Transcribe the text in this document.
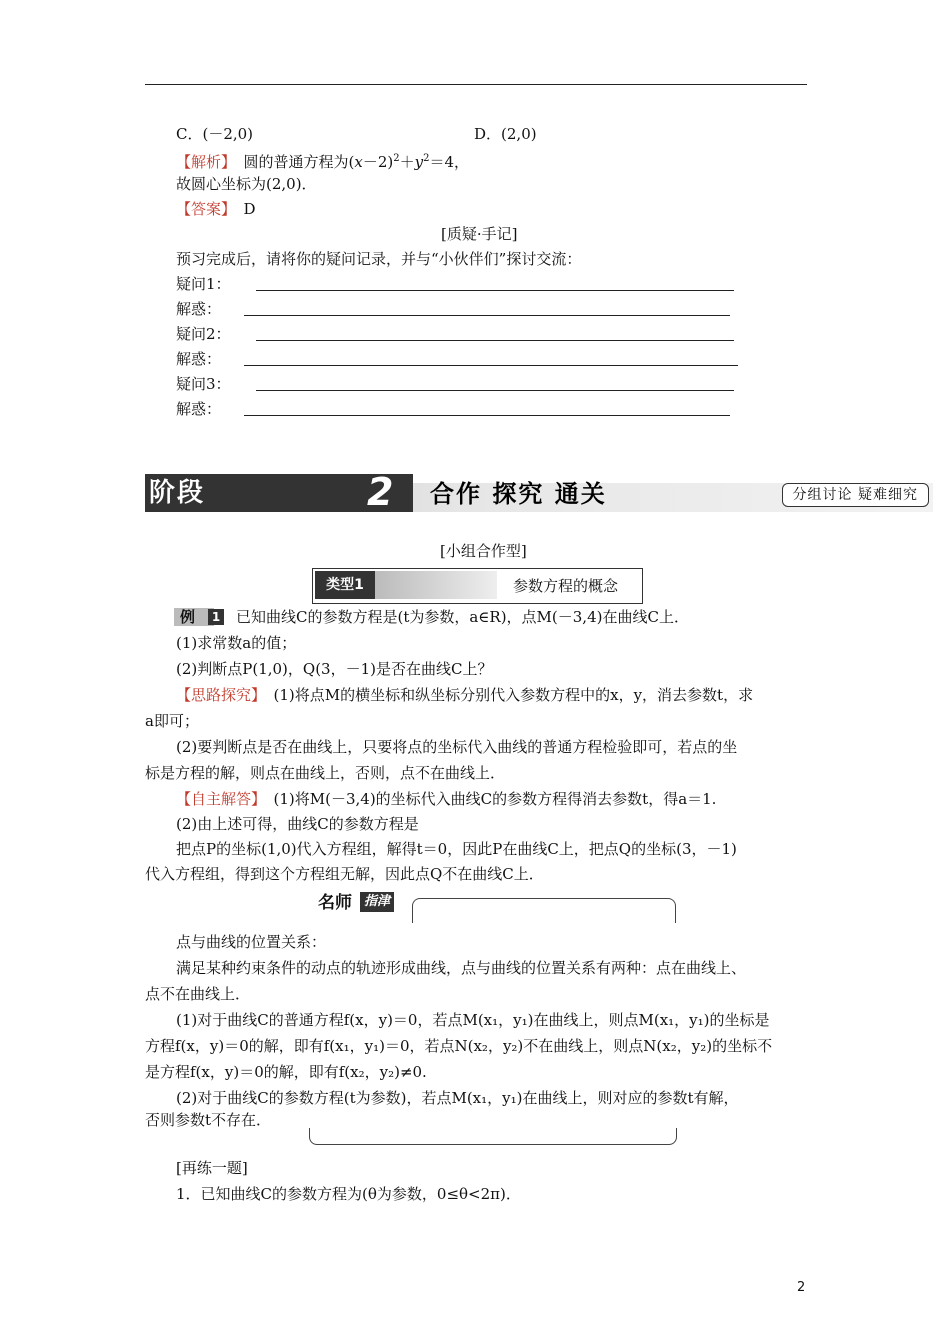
C．(－2,0)	D．(2,0)
【解析】　圆的普通方程为$(x-2)^2+y^2=4$，
故圆心坐标为(2,0)．
【答案】　D
[质疑·手记]
预习完成后，请将你的疑问记录，并与“小伙伴们”探讨交流：
疑问1：
解惑：
疑问2：
解惑：
疑问3：
解惑：
阶段	2 合作 探究 通关	分组讨论 疑难细究
[小组合作型]
类型1	参数方程的概念
例	1 已知曲线C的参数方程是(t为参数，a∈R)，点M(－3,4)在曲线C上．
(1)求常数a的值；
(2)判断点P(1,0)，Q(3，－1)是否在曲线C上？
【思路探究】　(1)将点M的横坐标和纵坐标分别代入参数方程中的x，y，消去参数t，求
a即可；
(2)要判断点是否在曲线上，只要将点的坐标代入曲线的普通方程检验即可，若点的坐
标是方程的解，则点在曲线上，否则，点不在曲线上．
【自主解答】　(1)将M(－3,4)的坐标代入曲线C的参数方程得消去参数t，得a＝1.
(2)由上述可得，曲线C的参数方程是
把点P的坐标(1,0)代入方程组，解得t＝0，因此P在曲线C上，把点Q的坐标(3，－1)
代入方程组，得到这个方程组无解，因此点Q不在曲线C上．
名师 指津
点与曲线的位置关系：
满足某种约束条件的动点的轨迹形成曲线，点与曲线的位置关系有两种：点在曲线上、
点不在曲线上．
(1)对于曲线C的普通方程f(x，y)＝0，若点M(x₁，y₁)在曲线上，则点M(x₁，y₁)的坐标是
方程f(x，y)＝0的解，即有f(x₁，y₁)＝0，若点N(x₂，y₂)不在曲线上，则点N(x₂，y₂)的坐标不
是方程f(x，y)＝0的解，即有f(x₂，y₂)≠0.
(2)对于曲线C的参数方程(t为参数)，若点M(x₁，y₁)在曲线上，则对应的参数t有解，
否则参数t不存在．
[再练一题]
1．已知曲线C的参数方程为(θ为参数，0≤θ<2π)．
2
